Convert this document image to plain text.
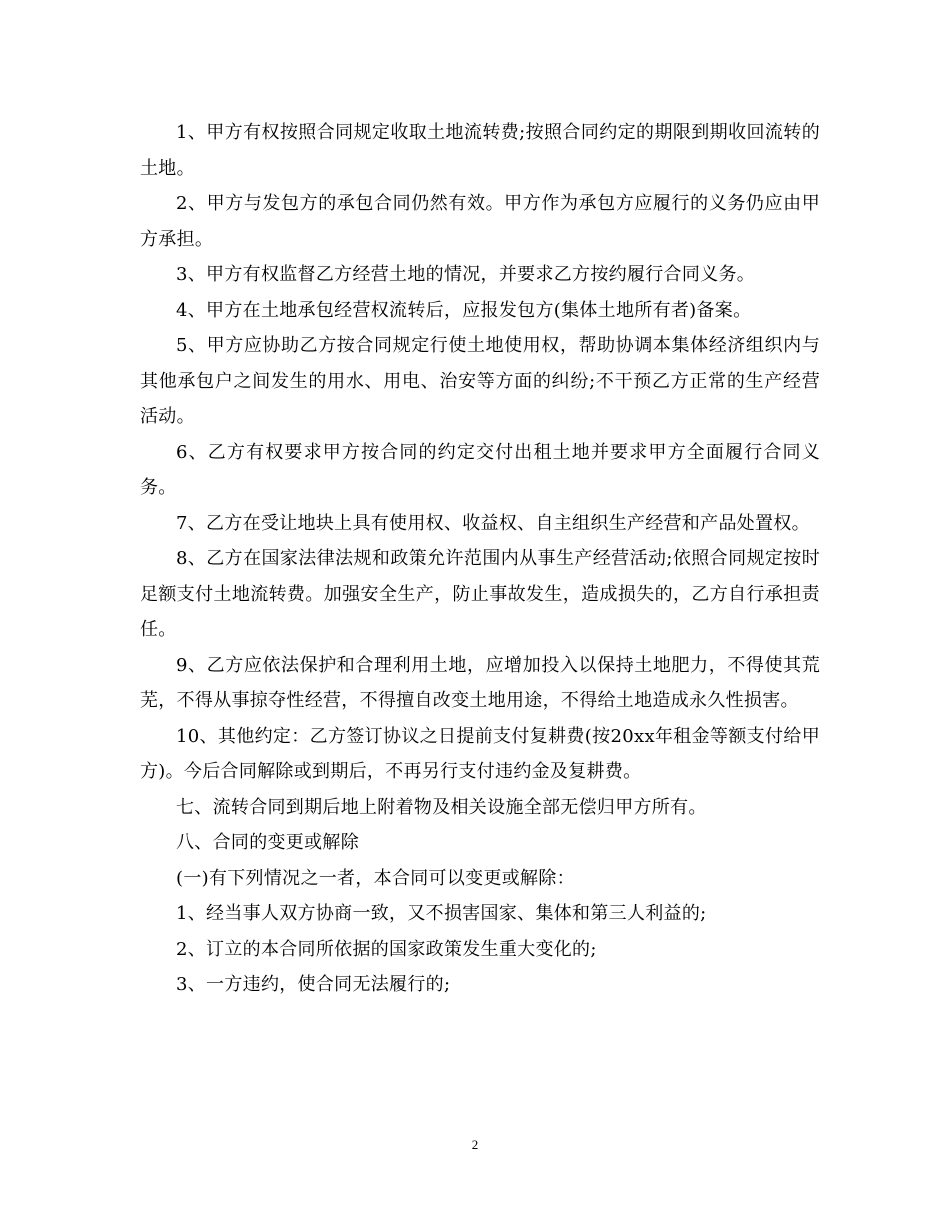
1、甲方有权按照合同规定收取土地流转费;按照合同约定的期限到期收回流转的土地。

2、甲方与发包方的承包合同仍然有效。甲方作为承包方应履行的义务仍应由甲方承担。

3、甲方有权监督乙方经营土地的情况，并要求乙方按约履行合同义务。

4、甲方在土地承包经营权流转后，应报发包方(集体土地所有者)备案。

5、甲方应协助乙方按合同规定行使土地使用权，帮助协调本集体经济组织内与其他承包户之间发生的用水、用电、治安等方面的纠纷;不干预乙方正常的生产经营活动。

6、乙方有权要求甲方按合同的约定交付出租土地并要求甲方全面履行合同义务。

7、乙方在受让地块上具有使用权、收益权、自主组织生产经营和产品处置权。

8、乙方在国家法律法规和政策允许范围内从事生产经营活动;依照合同规定按时足额支付土地流转费。加强安全生产，防止事故发生，造成损失的，乙方自行承担责任。

9、乙方应依法保护和合理利用土地，应增加投入以保持土地肥力，不得使其荒芜，不得从事掠夺性经营，不得擅自改变土地用途，不得给土地造成永久性损害。

10、其他约定：乙方签订协议之日提前支付复耕费(按20xx年租金等额支付给甲方)。今后合同解除或到期后，不再另行支付违约金及复耕费。

七、流转合同到期后地上附着物及相关设施全部无偿归甲方所有。

八、合同的变更或解除

(一)有下列情况之一者，本合同可以变更或解除：

1、经当事人双方协商一致，又不损害国家、集体和第三人利益的;

2、订立的本合同所依据的国家政策发生重大变化的;

3、一方违约，使合同无法履行的;

2
